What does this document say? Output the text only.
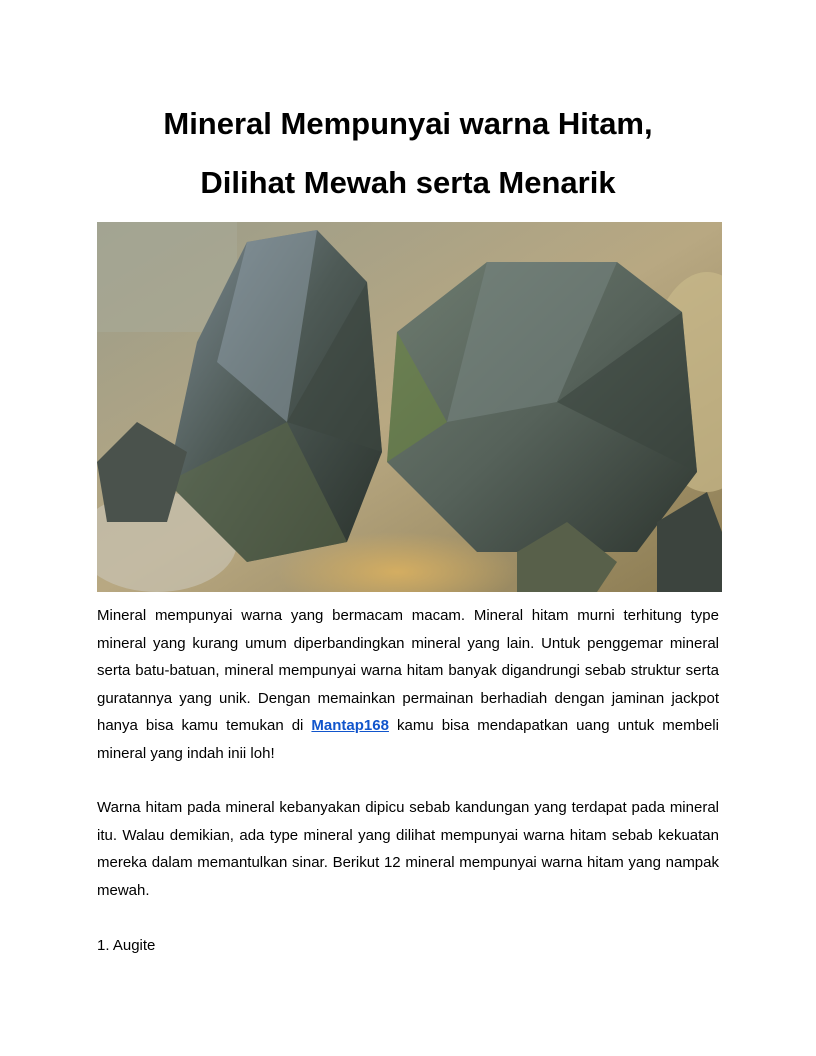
Mineral Mempunyai warna Hitam,
Dilihat Mewah serta Menarik

Mineral mempunyai warna yang bermacam macam. Mineral hitam murni terhitung type mineral yang kurang umum diperbandingkan mineral yang lain. Untuk penggemar mineral serta batu-batuan, mineral mempunyai warna hitam banyak digandrungi sebab struktur serta guratannya yang unik. Dengan memainkan permainan berhadiah dengan jaminan jackpot hanya bisa kamu temukan di Mantap168 kamu bisa mendapatkan uang untuk membeli mineral yang indah inii loh!

Warna hitam pada mineral kebanyakan dipicu sebab kandungan yang terdapat pada mineral itu. Walau demikian, ada type mineral yang dilihat mempunyai warna hitam sebab kekuatan mereka dalam memantulkan sinar. Berikut 12 mineral mempunyai warna hitam yang nampak mewah.

1. Augite
